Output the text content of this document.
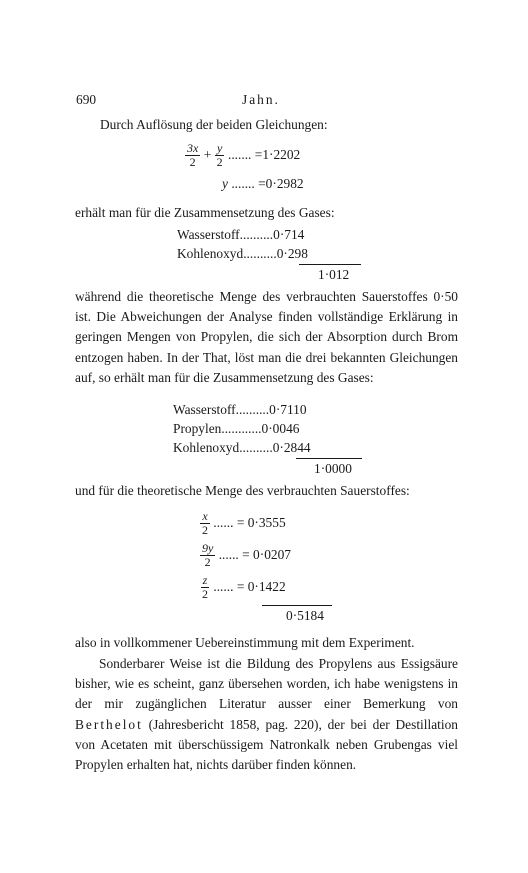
690	Jahn.
Durch Auflösung der beiden Gleichungen:
$\frac{3x}{2} + \frac{y}{2}$ ....... =1·2202
y ....... =0·2982
erhält man für die Zusammensetzung des Gases:
Wasserstoff..........0·714
Kohlenoxyd..........0·298
1·012
während die theoretische Menge des verbrauchten Sauerstoffes 0·50 ist. Die Abweichungen der Analyse finden vollständige Erklärung in geringen Mengen von Propylen, die sich der Absorption durch Brom entzogen haben. In der That, löst man die drei bekannten Gleichungen auf, so erhält man für die Zusammensetzung des Gases:
Wasserstoff..........0·7110
Propylen............0·0046
Kohlenoxyd..........0·2844
1·0000
und für die theoretische Menge des verbrauchten Sauerstoffes:
$\frac{x}{2}$ ...... = 0·3555
$\frac{9y}{2}$ ...... = 0·0207
$\frac{z}{2}$ ...... = 0·1422
0·5184
also in vollkommener Uebereinstimmung mit dem Experiment.
Sonderbarer Weise ist die Bildung des Propylens aus Essigsäure bisher, wie es scheint, ganz übersehen worden, ich habe wenigstens in der mir zugänglichen Literatur ausser einer Bemerkung von Berthelot (Jahresbericht 1858, pag. 220), der bei der Destillation von Acetaten mit überschüssigem Natronkalk neben Grubengas viel Propylen erhalten hat, nichts darüber finden können.
